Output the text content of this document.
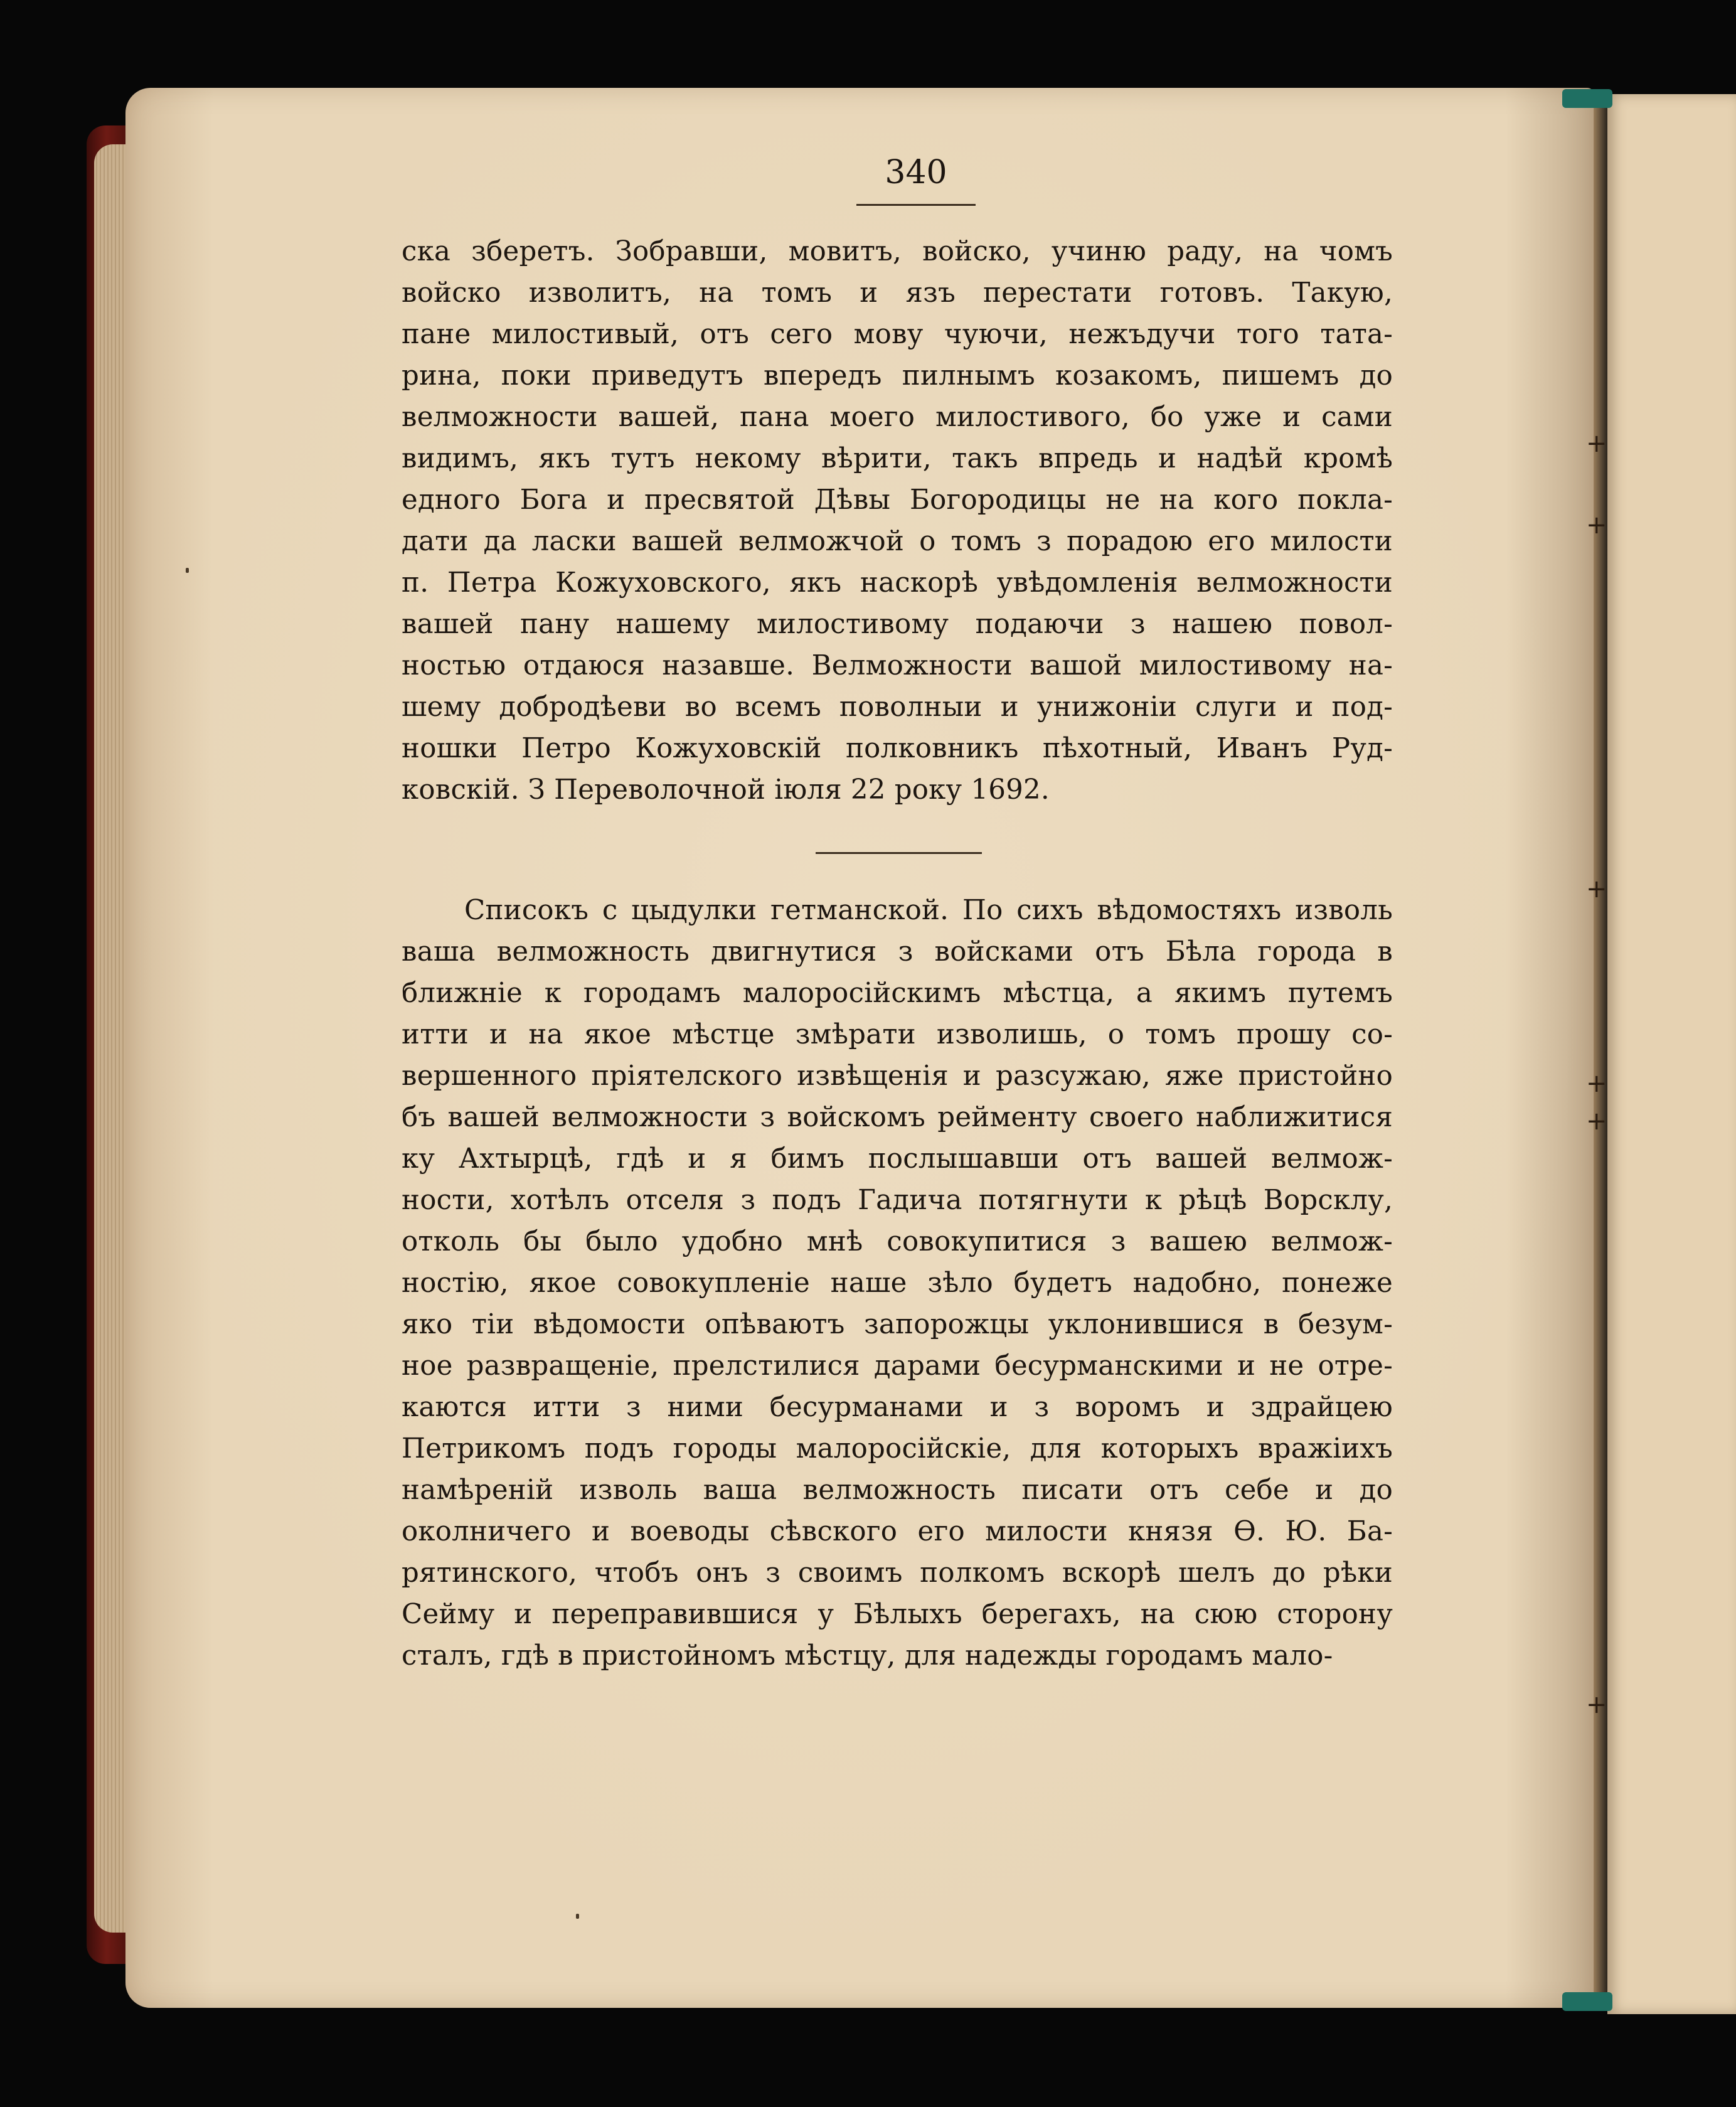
+
+
+
+
+
+
340
ска зберетъ. Зобравши, мовитъ, войско, учиню раду, на чомъ
войско изволитъ, на томъ и язъ перестати готовъ. Такую,
пане милостивый, отъ сего мову чуючи, нежъдучи того тата-
рина, поки приведутъ впередъ пилнымъ козакомъ, пишемъ до
велможности вашей, пана моего милостивого, бо уже и сами
видимъ, якъ тутъ некому вѣрити, такъ впредь и надѣй кромѣ
едного Бога и пресвятой Дѣвы Богородицы не на кого покла-
дати да ласки вашей велможчой о томъ з порадою его милости
п. Петра Кожуховского, якъ наскорѣ увѣдомленія велможности
вашей пану нашему милостивому подаючи з нашею повол-
ностью отдаюся назавше. Велможности вашой милостивому на-
шему добродѣеви во всемъ поволныи и унижоніи слуги и под-
ношки Петро Кожуховскій полковникъ пѣхотный, Иванъ Руд-
ковскій. З Переволочной іюля 22 року 1692.
Списокъ с цыдулки гетманской. По сихъ вѣдомостяхъ изволь
ваша велможность двигнутися з войсками отъ Бѣла города в
ближніе к городамъ малоросійскимъ мѣстца, а якимъ путемъ
итти и на якое мѣстце змѣрати изволишь, о томъ прошу со-
вершенного пріятелского извѣщенія и разсужаю, яже пристойно
бъ вашей велможности з войскомъ рейменту своего наближитися
ку Ахтырцѣ, гдѣ и я бимъ послышавши отъ вашей велмож-
ности, хотѣлъ отселя з подъ Гадича потягнути к рѣцѣ Ворсклу,
отколь бы было удобно мнѣ совокупитися з вашею велмож-
ностію, якое совокупленіе наше зѣло будетъ надобно, понеже
яко тіи вѣдомости опѣваютъ запорожцы уклонившися в безум-
ное развращеніе, прелстилися дарами бесурманскими и не отре-
каются итти з ними бесурманами и з воромъ и здрайцею
Петрикомъ подъ городы малоросійскіе, для которыхъ вражіихъ
намѣреній изволь ваша велможность писати отъ себе и до
околничего и воеводы сѣвского его милости князя Ѳ. Ю. Ба-
рятинского, чтобъ онъ з своимъ полкомъ вскорѣ шелъ до рѣки
Сейму и переправившися у Бѣлыхъ берегахъ, на сюю сторону
сталъ, гдѣ в пристойномъ мѣстцу, для надежды городамъ мало-
